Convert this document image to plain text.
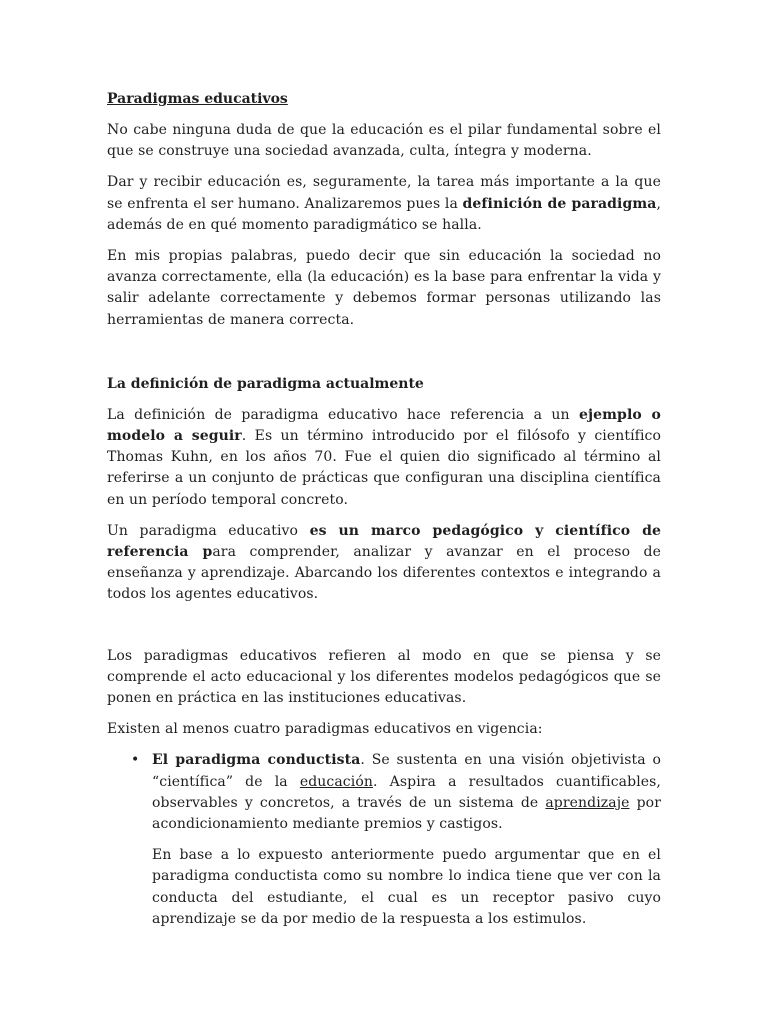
Paradigmas educativos

No cabe ninguna duda de que la educación es el pilar fundamental sobre el que se construye una sociedad avanzada, culta, íntegra y moderna.

Dar y recibir educación es, seguramente, la tarea más importante a la que se enfrenta el ser humano. Analizaremos pues la definición de paradigma, además de en qué momento paradigmático se halla.

En mis propias palabras, puedo decir que sin educación la sociedad no avanza correctamente, ella (la educación) es la base para enfrentar la vida y salir adelante correctamente y debemos formar personas utilizando las herramientas de manera correcta.

La definición de paradigma actualmente

La definición de paradigma educativo hace referencia a un ejemplo o modelo a seguir. Es un término introducido por el filósofo y científico Thomas Kuhn, en los años 70. Fue el quien dio significado al término al referirse a un conjunto de prácticas que configuran una disciplina científica en un período temporal concreto.

Un paradigma educativo es un marco pedagógico y científico de referencia para comprender, analizar y avanzar en el proceso de enseñanza y aprendizaje. Abarcando los diferentes contextos e integrando a todos los agentes educativos.

Los paradigmas educativos refieren al modo en que se piensa y se comprende el acto educacional y los diferentes modelos pedagógicos que se ponen en práctica en las instituciones educativas.

Existen al menos cuatro paradigmas educativos en vigencia:

• El paradigma conductista. Se sustenta en una visión objetivista o “científica” de la educación. Aspira a resultados cuantificables, observables y concretos, a través de un sistema de aprendizaje por acondicionamiento mediante premios y castigos.

En base a lo expuesto anteriormente puedo argumentar que en el paradigma conductista como su nombre lo indica tiene que ver con la conducta del estudiante, el cual es un receptor pasivo cuyo aprendizaje se da por medio de la respuesta a los estimulos.
